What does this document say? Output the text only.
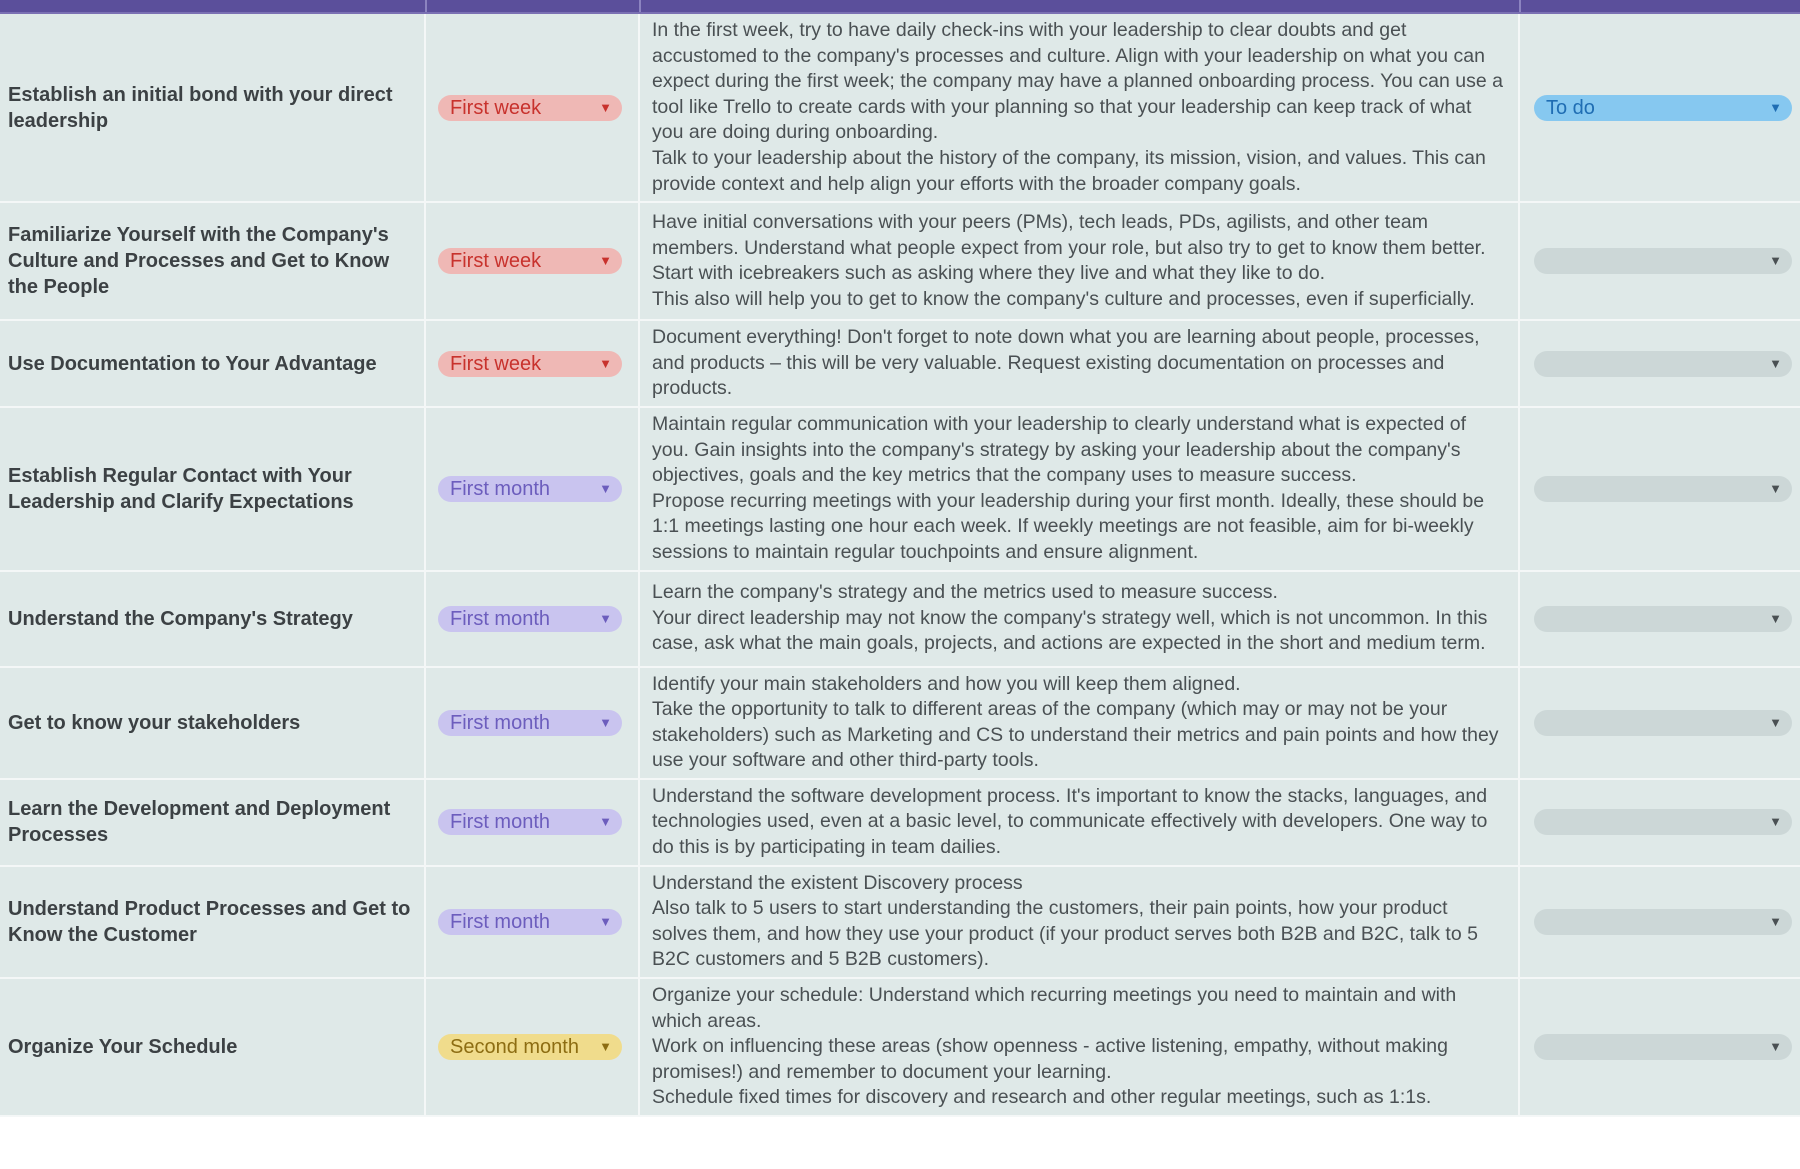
Establish an initial bond with your direct leadership	First week ▼	In the first week, try to have daily check-ins with your leadership to clear doubts and get accustomed to the company's processes and culture. Align with your leadership on what you can expect during the first week; the company may have a planned onboarding process. You can use a tool like Trello to create cards with your planning so that your leadership can keep track of what you are doing during onboarding.
Talk to your leadership about the history of the company, its mission, vision, and values. This can provide context and help align your efforts with the broader company goals.	To do ▼

Familiarize Yourself with the Company's Culture and Processes and Get to Know the People	First week ▼	Have initial conversations with your peers (PMs), tech leads, PDs, agilists, and other team members. Understand what people expect from your role, but also try to get to know them better. Start with icebreakers such as asking where they live and what they like to do.
This also will help you to get to know the company's culture and processes, even if superficially.	▼

Use Documentation to Your Advantage	First week ▼	Document everything! Don't forget to note down what you are learning about people, processes, and products – this will be very valuable. Request existing documentation on processes and products.	▼

Establish Regular Contact with Your Leadership and Clarify Expectations	First month ▼	Maintain regular communication with your leadership to clearly understand what is expected of you. Gain insights into the company's strategy by asking your leadership about the company's objectives, goals and the key metrics that the company uses to measure success.
Propose recurring meetings with your leadership during your first month. Ideally, these should be 1:1 meetings lasting one hour each week. If weekly meetings are not feasible, aim for bi-weekly sessions to maintain regular touchpoints and ensure alignment.	▼

Understand the Company's Strategy	First month ▼	Learn the company's strategy and the metrics used to measure success.
Your direct leadership may not know the company's strategy well, which is not uncommon. In this case, ask what the main goals, projects, and actions are expected in the short and medium term.	▼

Get to know your stakeholders	First month ▼	Identify your main stakeholders and how you will keep them aligned.
Take the opportunity to talk to different areas of the company (which may or may not be your stakeholders) such as Marketing and CS to understand their metrics and pain points and how they use your software and other third-party tools.	▼

Learn the Development and Deployment Processes	First month ▼	Understand the software development process. It's important to know the stacks, languages, and technologies used, even at a basic level, to communicate effectively with developers. One way to do this is by participating in team dailies.	▼

Understand Product Processes and Get to Know the Customer	First month ▼	Understand the existent Discovery process
Also talk to 5 users to start understanding the customers, their pain points, how your product solves them, and how they use your product (if your product serves both B2B and B2C, talk to 5 B2C customers and 5 B2B customers).	▼

Organize Your Schedule	Second month ▼	Organize your schedule: Understand which recurring meetings you need to maintain and with which areas.
Work on influencing these areas (show openness - active listening, empathy, without making promises!) and remember to document your learning.
Schedule fixed times for discovery and research and other regular meetings, such as 1:1s.	▼
